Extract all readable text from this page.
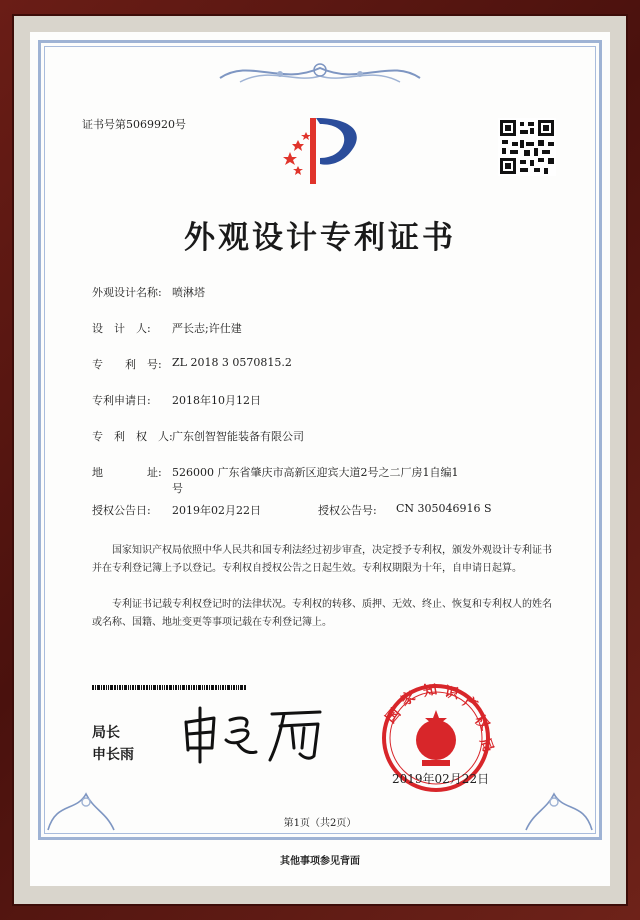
证书号第5069920号
外观设计专利证书
外观设计名称: 喷淋塔
设　计　人: 严长志;许仕建
专　　利　号: ZL 2018 3 0570815.2
专利申请日: 2018年10月12日
专　利　权　人: 广东创智智能装备有限公司
地　　　　址: 526000 广东省肇庆市高新区迎宾大道2号之二厂房1自编1
号
授权公告日: 2019年02月22日	授权公告号: CN 305046916 S
国家知识产权局依照中华人民共和国专利法经过初步审查，决定授予专利权，颁发外观设计专利证书并在专利登记簿上予以登记。专利权自授权公告之日起生效。专利权期限为十年，自申请日起算。
专利证书记载专利权登记时的法律状况。专利权的转移、质押、无效、终止、恢复和专利权人的姓名或名称、国籍、地址变更等事项记载在专利登记簿上。
局长
申长雨
国
家 知 识
产
权
局
2019年02月22日
第1页（共2页）
其他事项参见背面
